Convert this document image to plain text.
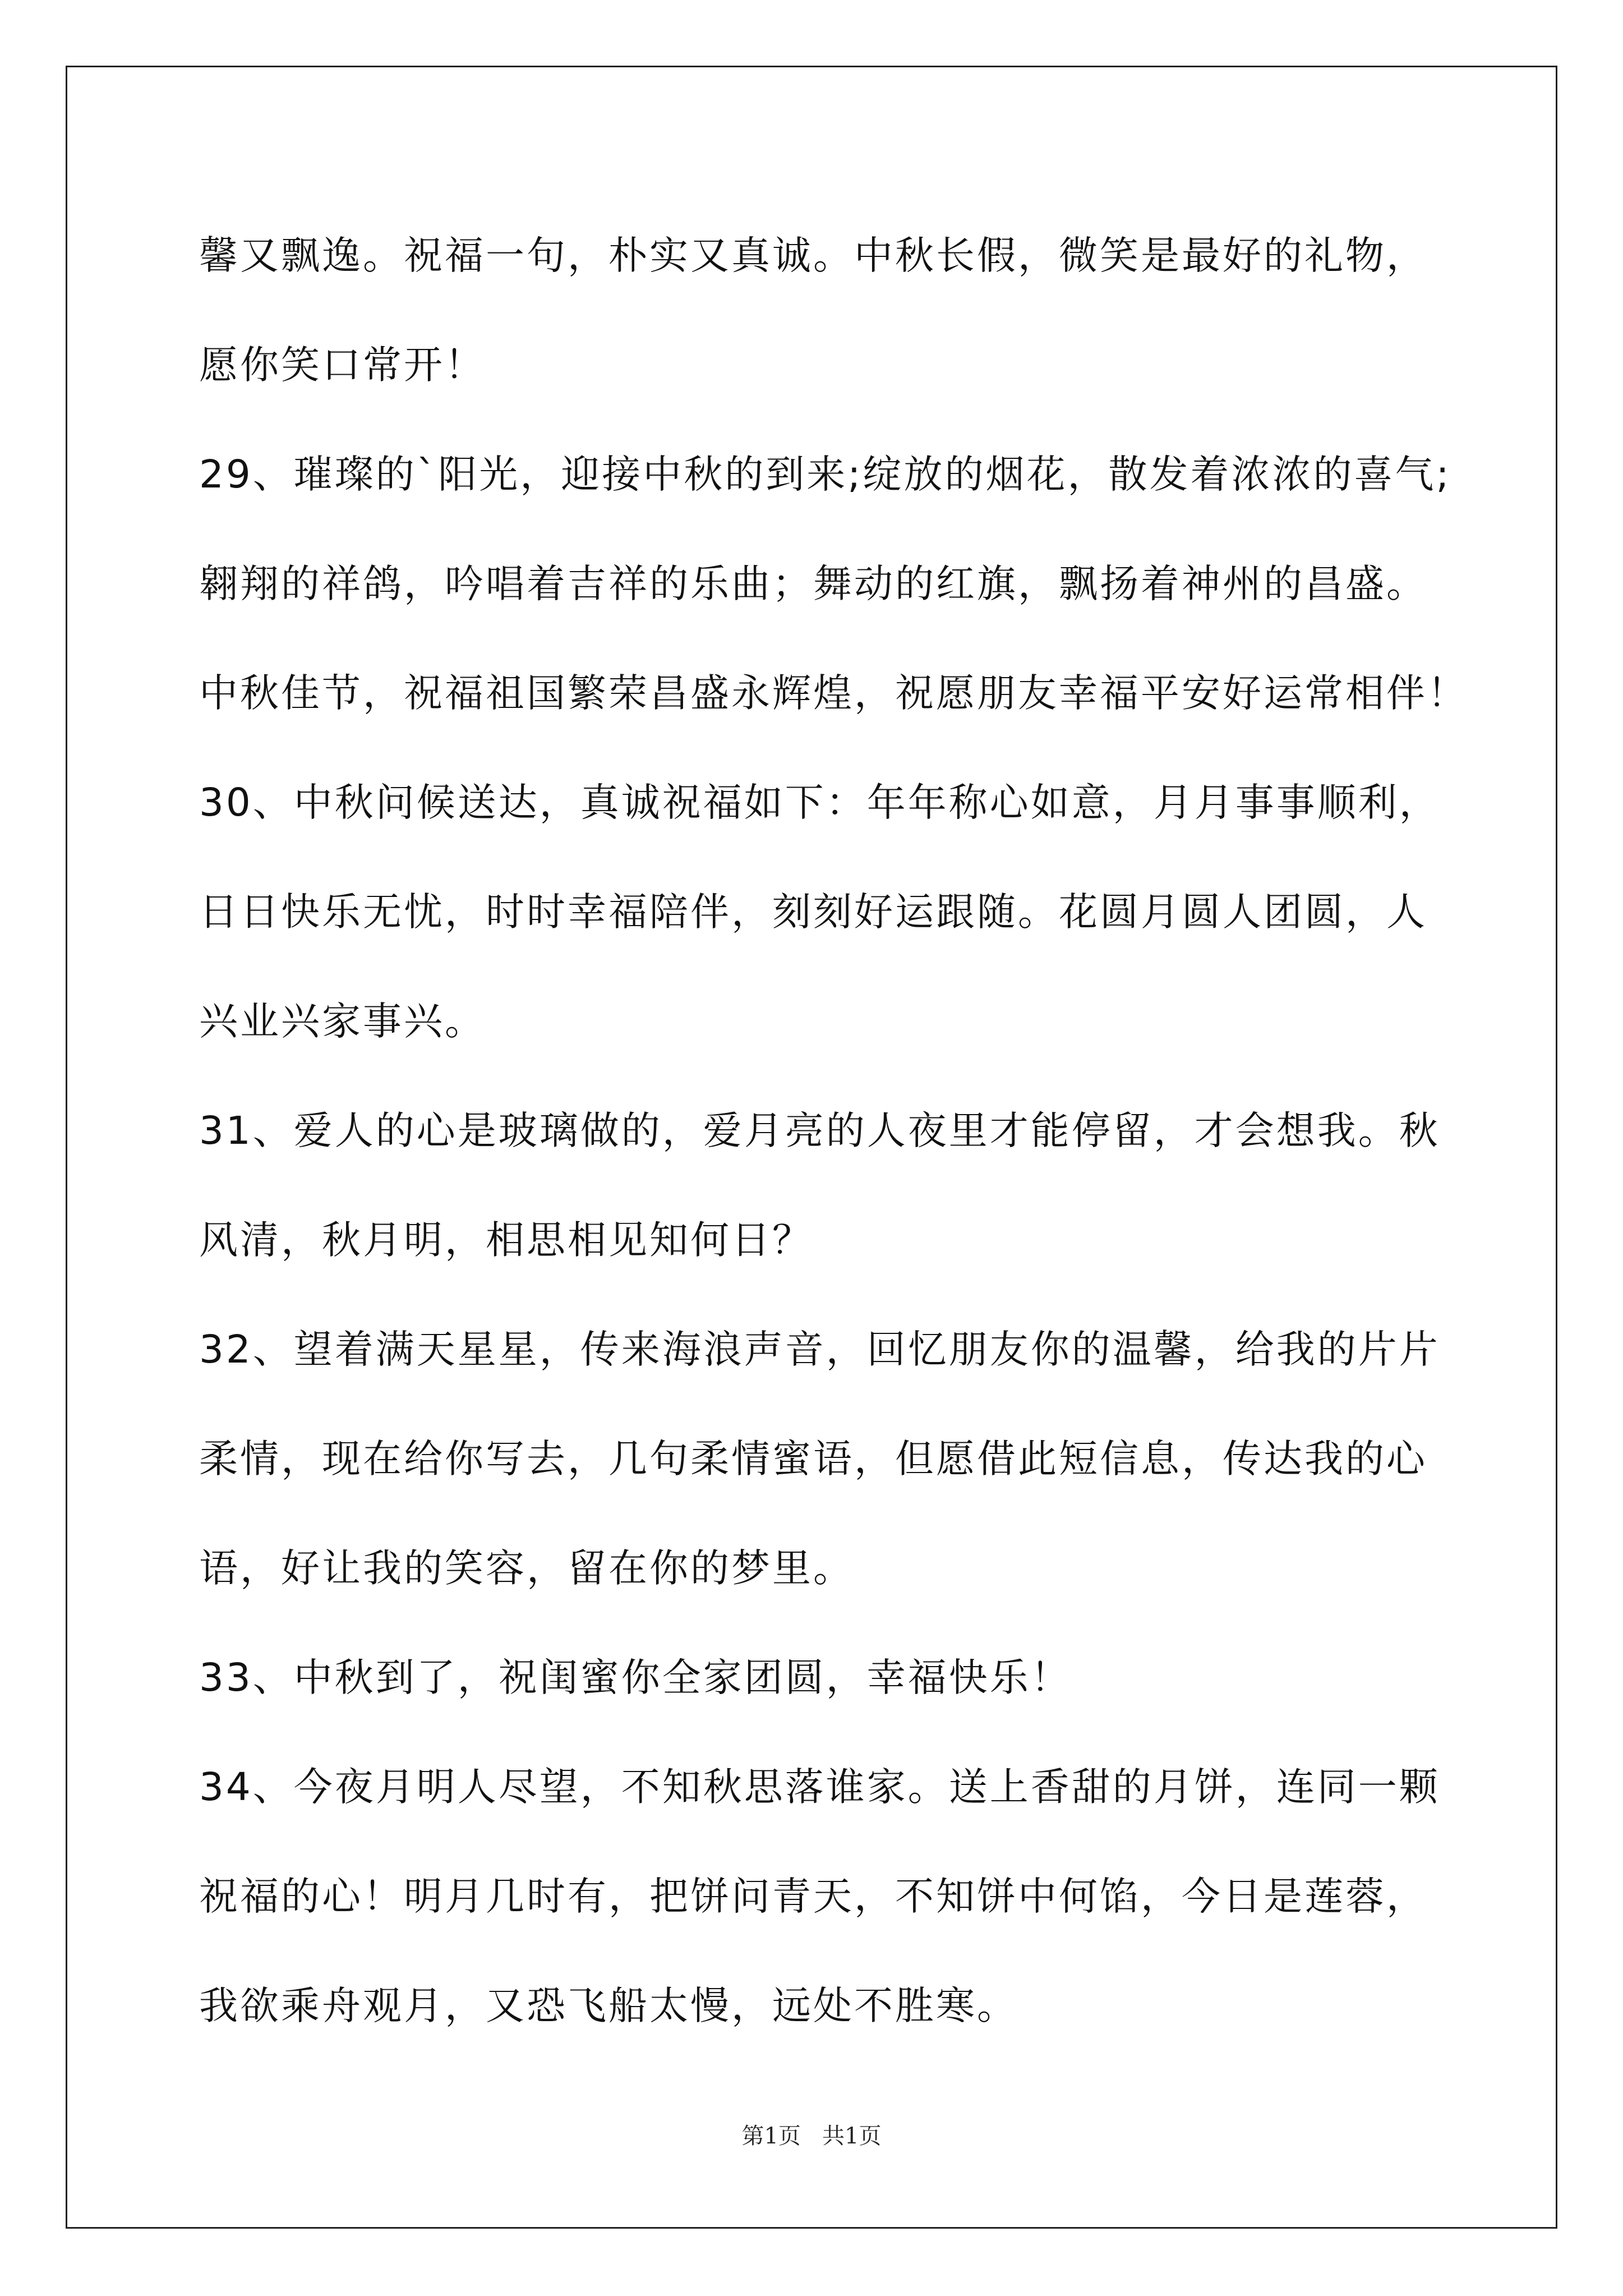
馨又飘逸。祝福一句，朴实又真诚。中秋长假，微笑是最好的礼物，
愿你笑口常开！
29、璀璨的`阳光，迎接中秋的到来;绽放的烟花，散发着浓浓的喜气;
翱翔的祥鸽，吟唱着吉祥的乐曲；舞动的红旗，飘扬着神州的昌盛。
中秋佳节，祝福祖国繁荣昌盛永辉煌，祝愿朋友幸福平安好运常相伴！
30、中秋问候送达，真诚祝福如下：年年称心如意，月月事事顺利，
日日快乐无忧，时时幸福陪伴，刻刻好运跟随。花圆月圆人团圆，人
兴业兴家事兴。
31、爱人的心是玻璃做的，爱月亮的人夜里才能停留，才会想我。秋
风清，秋月明，相思相见知何日？
32、望着满天星星，传来海浪声音，回忆朋友你的温馨，给我的片片
柔情，现在给你写去，几句柔情蜜语，但愿借此短信息，传达我的心
语，好让我的笑容，留在你的梦里。
33、中秋到了，祝闺蜜你全家团圆，幸福快乐！
34、今夜月明人尽望，不知秋思落谁家。送上香甜的月饼，连同一颗
祝福的心！明月几时有，把饼问青天，不知饼中何馅，今日是莲蓉，
我欲乘舟观月，又恐飞船太慢，远处不胜寒。
第1页   共1页
